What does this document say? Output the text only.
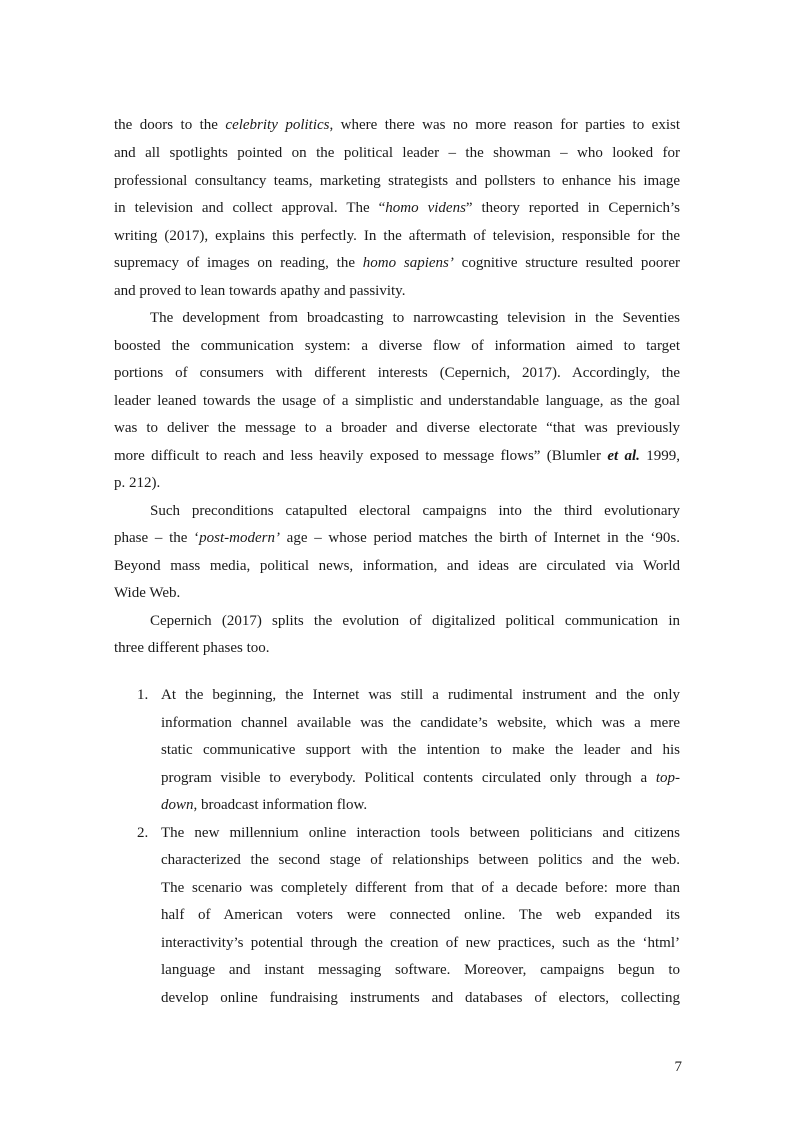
the doors to the celebrity politics, where there was no more reason for parties to exist
and all spotlights pointed on the political leader – the showman – who looked for
professional consultancy teams, marketing strategists and pollsters to enhance his image
in television and collect approval. The “homo videns” theory reported in Cepernich’s
writing (2017), explains this perfectly. In the aftermath of television, responsible for the
supremacy of images on reading, the homo sapiens’ cognitive structure resulted poorer
and proved to lean towards apathy and passivity.
The development from broadcasting to narrowcasting television in the Seventies
boosted the communication system: a diverse flow of information aimed to target
portions of consumers with different interests (Cepernich, 2017). Accordingly, the
leader leaned towards the usage of a simplistic and understandable language, as the goal
was to deliver the message to a broader and diverse electorate “that was previously
more difficult to reach and less heavily exposed to message flows” (Blumler et al. 1999,
p. 212).
Such preconditions catapulted electoral campaigns into the third evolutionary
phase – the ‘post-modern’ age – whose period matches the birth of Internet in the ‘90s.
Beyond mass media, political news, information, and ideas are circulated via World
Wide Web.
Cepernich (2017) splits the evolution of digitalized political communication in
three different phases too.
1. At the beginning, the Internet was still a rudimental instrument and the only
information channel available was the candidate’s website, which was a mere
static communicative support with the intention to make the leader and his
program visible to everybody. Political contents circulated only through a top-
down, broadcast information flow.
2. The new millennium online interaction tools between politicians and citizens
characterized the second stage of relationships between politics and the web.
The scenario was completely different from that of a decade before: more than
half of American voters were connected online. The web expanded its
interactivity’s potential through the creation of new practices, such as the ‘html’
language and instant messaging software. Moreover, campaigns begun to
develop online fundraising instruments and databases of electors, collecting
7
